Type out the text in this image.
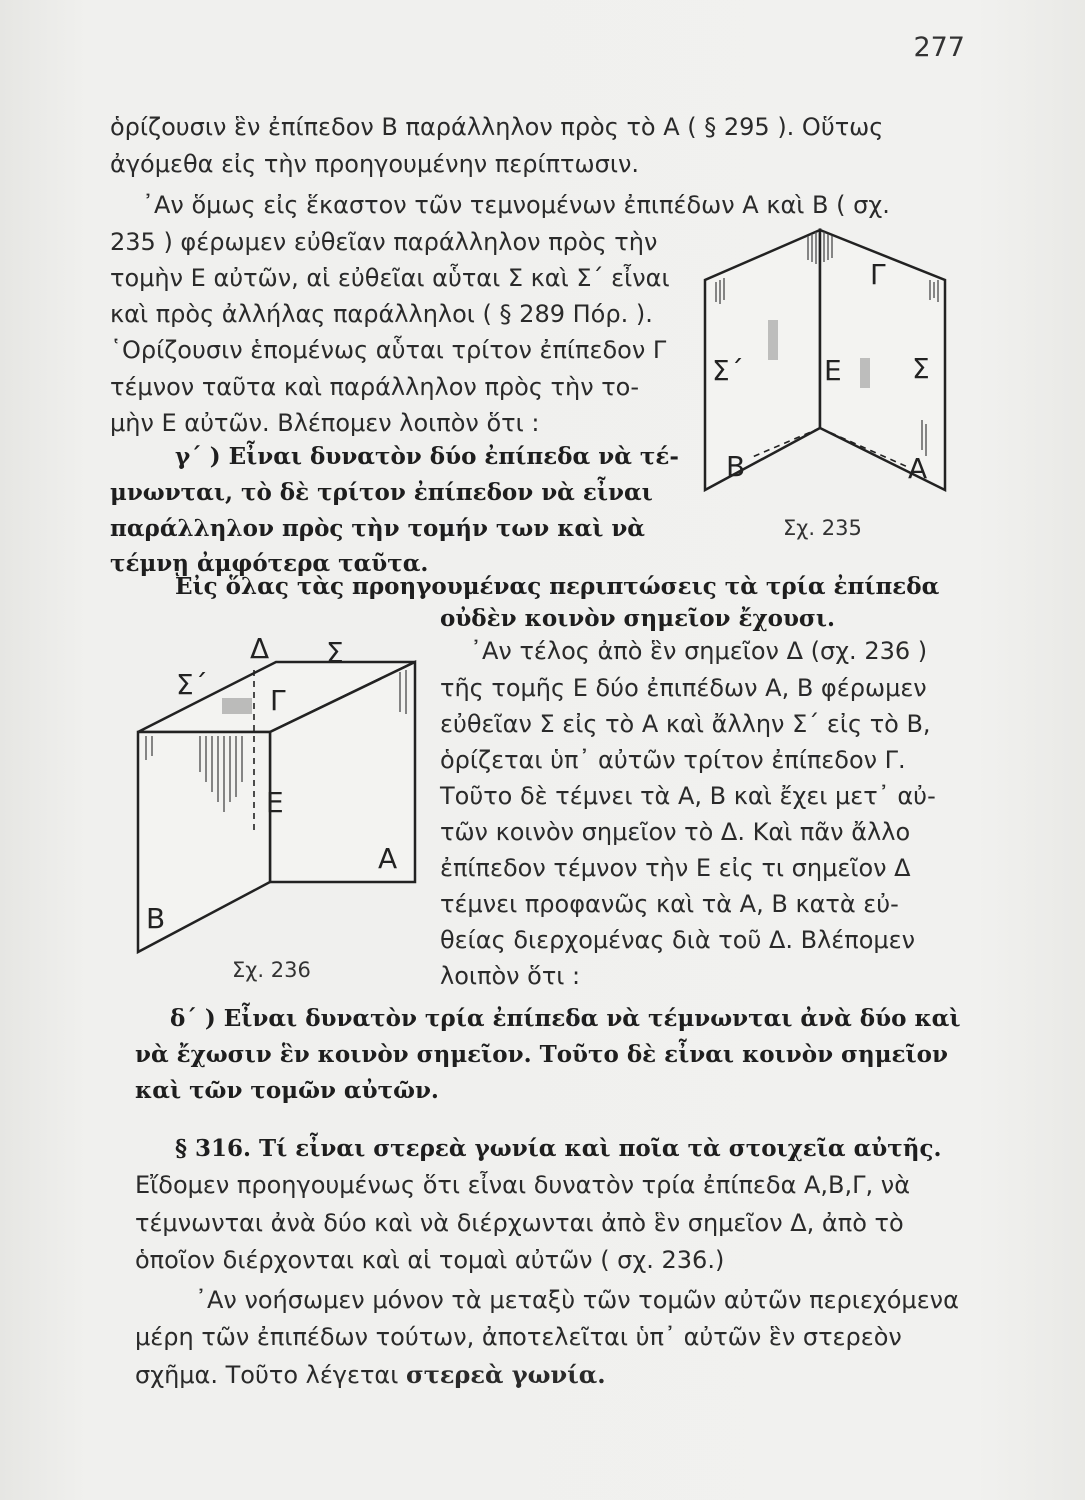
277
ὁρίζουσιν ἓν ἐπίπεδον Β παράλληλον πρὸς τὸ Α ( § 295 ). Οὕτως
ἀγόμεθα εἰς τὴν προηγουμένην περίπτωσιν.
᾿Αν ὅμως εἰς ἕκαστον τῶν τεμνομένων ἐπιπέδων Α καὶ Β ( σχ.
235 ) φέρωμεν εὐθεῖαν παράλληλον πρὸς τὴν
τομὴν Ε αὐτῶν, αἱ εὐθεῖαι αὗται Σ καὶ Σ΄ εἶναι
καὶ πρὸς ἀλλήλας παράλληλοι ( § 289 Πόρ. ).
῾Ορίζουσιν ἑπομένως αὗται τρίτον ἐπίπεδον Γ
τέμνον ταῦτα καὶ παράλληλον πρὸς τὴν το-
μὴν Ε αὐτῶν. Βλέπομεν λοιπὸν ὅτι :
γ΄ ) Εἶναι δυνατὸν δύο ἐπίπεδα νὰ τέ-
μνωνται, τὸ δὲ τρίτον ἐπίπεδον νὰ εἶναι
παράλληλον πρὸς τὴν τομήν των καὶ νὰ
τέμνῃ ἀμφότερα ταῦτα.
Γ
Σ΄	Ε	Σ
Β	Α
Σχ. 235
Εἰς ὅλας τὰς προηγουμένας περιπτώσεις τὰ τρία ἐπίπεδα
οὐδὲν κοινὸν σημεῖον ἔχουσι.
Δ Σ
Σ΄ Γ
Ε
Α
Β
Σχ. 236
᾿Αν τέλος ἀπὸ ἓν σημεῖον Δ (σχ. 236 )
τῆς τομῆς Ε δύο ἐπιπέδων Α, Β φέρωμεν
εὐθεῖαν Σ εἰς τὸ Α καὶ ἄλλην Σ΄ εἰς τὸ Β,
ὁρίζεται ὑπ᾿ αὐτῶν τρίτον ἐπίπεδον Γ.
Τοῦτο δὲ τέμνει τὰ Α, Β καὶ ἔχει μετ᾿ αὐ-
τῶν κοινὸν σημεῖον τὸ Δ. Καὶ πᾶν ἄλλο
ἐπίπεδον τέμνον τὴν Ε εἰς τι σημεῖον Δ
τέμνει προφανῶς καὶ τὰ Α, Β κατὰ εὐ-
θείας διερχομένας διὰ τοῦ Δ. Βλέπομεν
λοιπὸν ὅτι :
δ΄ ) Εἶναι δυνατὸν τρία ἐπίπεδα νὰ τέμνωνται ἀνὰ δύο καὶ
νὰ ἔχωσιν ἓν κοινὸν σημεῖον. Τοῦτο δὲ εἶναι κοινὸν σημεῖον
καὶ τῶν τομῶν αὐτῶν.
§ 316. Τί εἶναι στερεὰ γωνία καὶ ποῖα τὰ στοιχεῖα αὐτῆς.
Εἴδομεν προηγουμένως ὅτι εἶναι δυνατὸν τρία ἐπίπεδα Α,Β,Γ, νὰ
τέμνωνται ἀνὰ δύο καὶ νὰ διέρχωνται ἀπὸ ἓν σημεῖον Δ, ἀπὸ τὸ
ὁποῖον διέρχονται καὶ αἱ τομαὶ αὐτῶν ( σχ. 236.)
᾿Αν νοήσωμεν μόνον τὰ μεταξὺ τῶν τομῶν αὐτῶν περιεχόμενα
μέρη τῶν ἐπιπέδων τούτων, ἀποτελεῖται ὑπ᾿ αὐτῶν ἓν στερεὸν
σχῆμα. Τοῦτο λέγεται στερεὰ γωνία.
